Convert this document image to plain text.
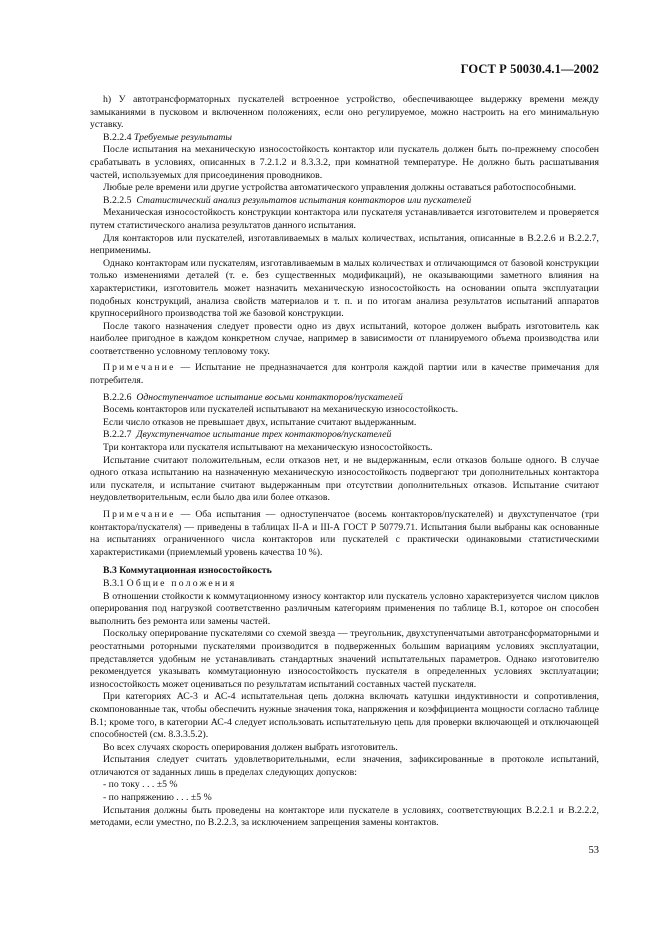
ГОСТ Р 50030.4.1—2002

h) У автотрансформаторных пускателей встроенное устройство, обеспечивающее выдержку времени между замыканиями в пусковом и включенном положениях, если оно регулируемое, можно настроить на его минимальную уставку.

В.2.2.4 Требуемые результаты

После испытания на механическую износостойкость контактор или пускатель должен быть по-прежнему способен срабатывать в условиях, описанных в 7.2.1.2 и 8.3.3.2, при комнатной температуре. Не должно быть расшатывания частей, используемых для присоединения проводников.

Любые реле времени или другие устройства автоматического управления должны оставаться работоспособными.

В.2.2.5 Статистический анализ результатов испытания контакторов или пускателей

Механическая износостойкость конструкции контактора или пускателя устанавливается изготовителем и проверяется путем статистического анализа результатов данного испытания.

Для контакторов или пускателей, изготавливаемых в малых количествах, испытания, описанные в В.2.2.6 и В.2.2.7, неприменимы.

Однако контакторам или пускателям, изготавливаемым в малых количествах и отличающимся от базовой конструкции только изменениями деталей (т. е. без существенных модификаций), не оказывающими заметного влияния на характеристики, изготовитель может назначить механическую износостойкость на основании опыта эксплуатации подобных конструкций, анализа свойств материалов и т. п. и по итогам анализа результатов испытаний аппаратов крупносерийного производства той же базовой конструкции.

После такого назначения следует провести одно из двух испытаний, которое должен выбрать изготовитель как наиболее пригодное в каждом конкретном случае, например в зависимости от планируемого объема производства или соответственно условному тепловому току.

Примечание — Испытание не предназначается для контроля каждой партии или в качестве примечания для потребителя.

В.2.2.6 Одноступенчатое испытание восьми контакторов/пускателей

Восемь контакторов или пускателей испытывают на механическую износостойкость.

Если число отказов не превышает двух, испытание считают выдержанным.

В.2.2.7 Двухступенчатое испытание трех контакторов/пускателей

Три контактора или пускателя испытывают на механическую износостойкость.

Испытание считают положительным, если отказов нет, и не выдержанным, если отказов больше одного. В случае одного отказа испытанию на назначенную механическую износостойкость подвергают три дополнительных контактора или пускателя, и испытание считают выдержанным при отсутствии дополнительных отказов. Испытание считают неудовлетворительным, если было два или более отказов.

Примечание — Оба испытания — одноступенчатое (восемь контакторов/пускателей) и двухступенчатое (три контактора/пускателя) — приведены в таблицах II-А и III-А ГОСТ Р 50779.71. Испытания были выбраны как основанные на испытаниях ограниченного числа контакторов или пускателей с практически одинаковыми статистическими характеристиками (приемлемый уровень качества 10 %).

В.3 Коммутационная износостойкость

В.3.1 Общие положения

В отношении стойкости к коммутационному износу контактор или пускатель условно характеризуется числом циклов оперирования под нагрузкой соответственно различным категориям применения по таблице В.1, которое он способен выполнить без ремонта или замены частей.

Поскольку оперирование пускателями со схемой звезда — треугольник, двухступенчатыми автотрансформаторными и реостатными роторными пускателями производится в подверженных большим вариациям условиях эксплуатации, представляется удобным не устанавливать стандартных значений испытательных параметров. Однако изготовителю рекомендуется указывать коммутационную износостойкость пускателя в определенных условиях эксплуатации; износостойкость может оцениваться по результатам испытаний составных частей пускателя.

При категориях АС-3 и АС-4 испытательная цепь должна включать катушки индуктивности и сопротивления, скомпонованные так, чтобы обеспечить нужные значения тока, напряжения и коэффициента мощности согласно таблице В.1; кроме того, в категории АС-4 следует использовать испытательную цепь для проверки включающей и отключающей способностей (см. 8.3.3.5.2).

Во всех случаях скорость оперирования должен выбрать изготовитель.

Испытания следует считать удовлетворительными, если значения, зафиксированные в протоколе испытаний, отличаются от заданных лишь в пределах следующих допусков:

- по току . . . ±5 %

- по напряжению . . . ±5 %

Испытания должны быть проведены на контакторе или пускателе в условиях, соответствующих В.2.2.1 и В.2.2.2, методами, если уместно, по В.2.2.3, за исключением запрещения замены контактов.

53
